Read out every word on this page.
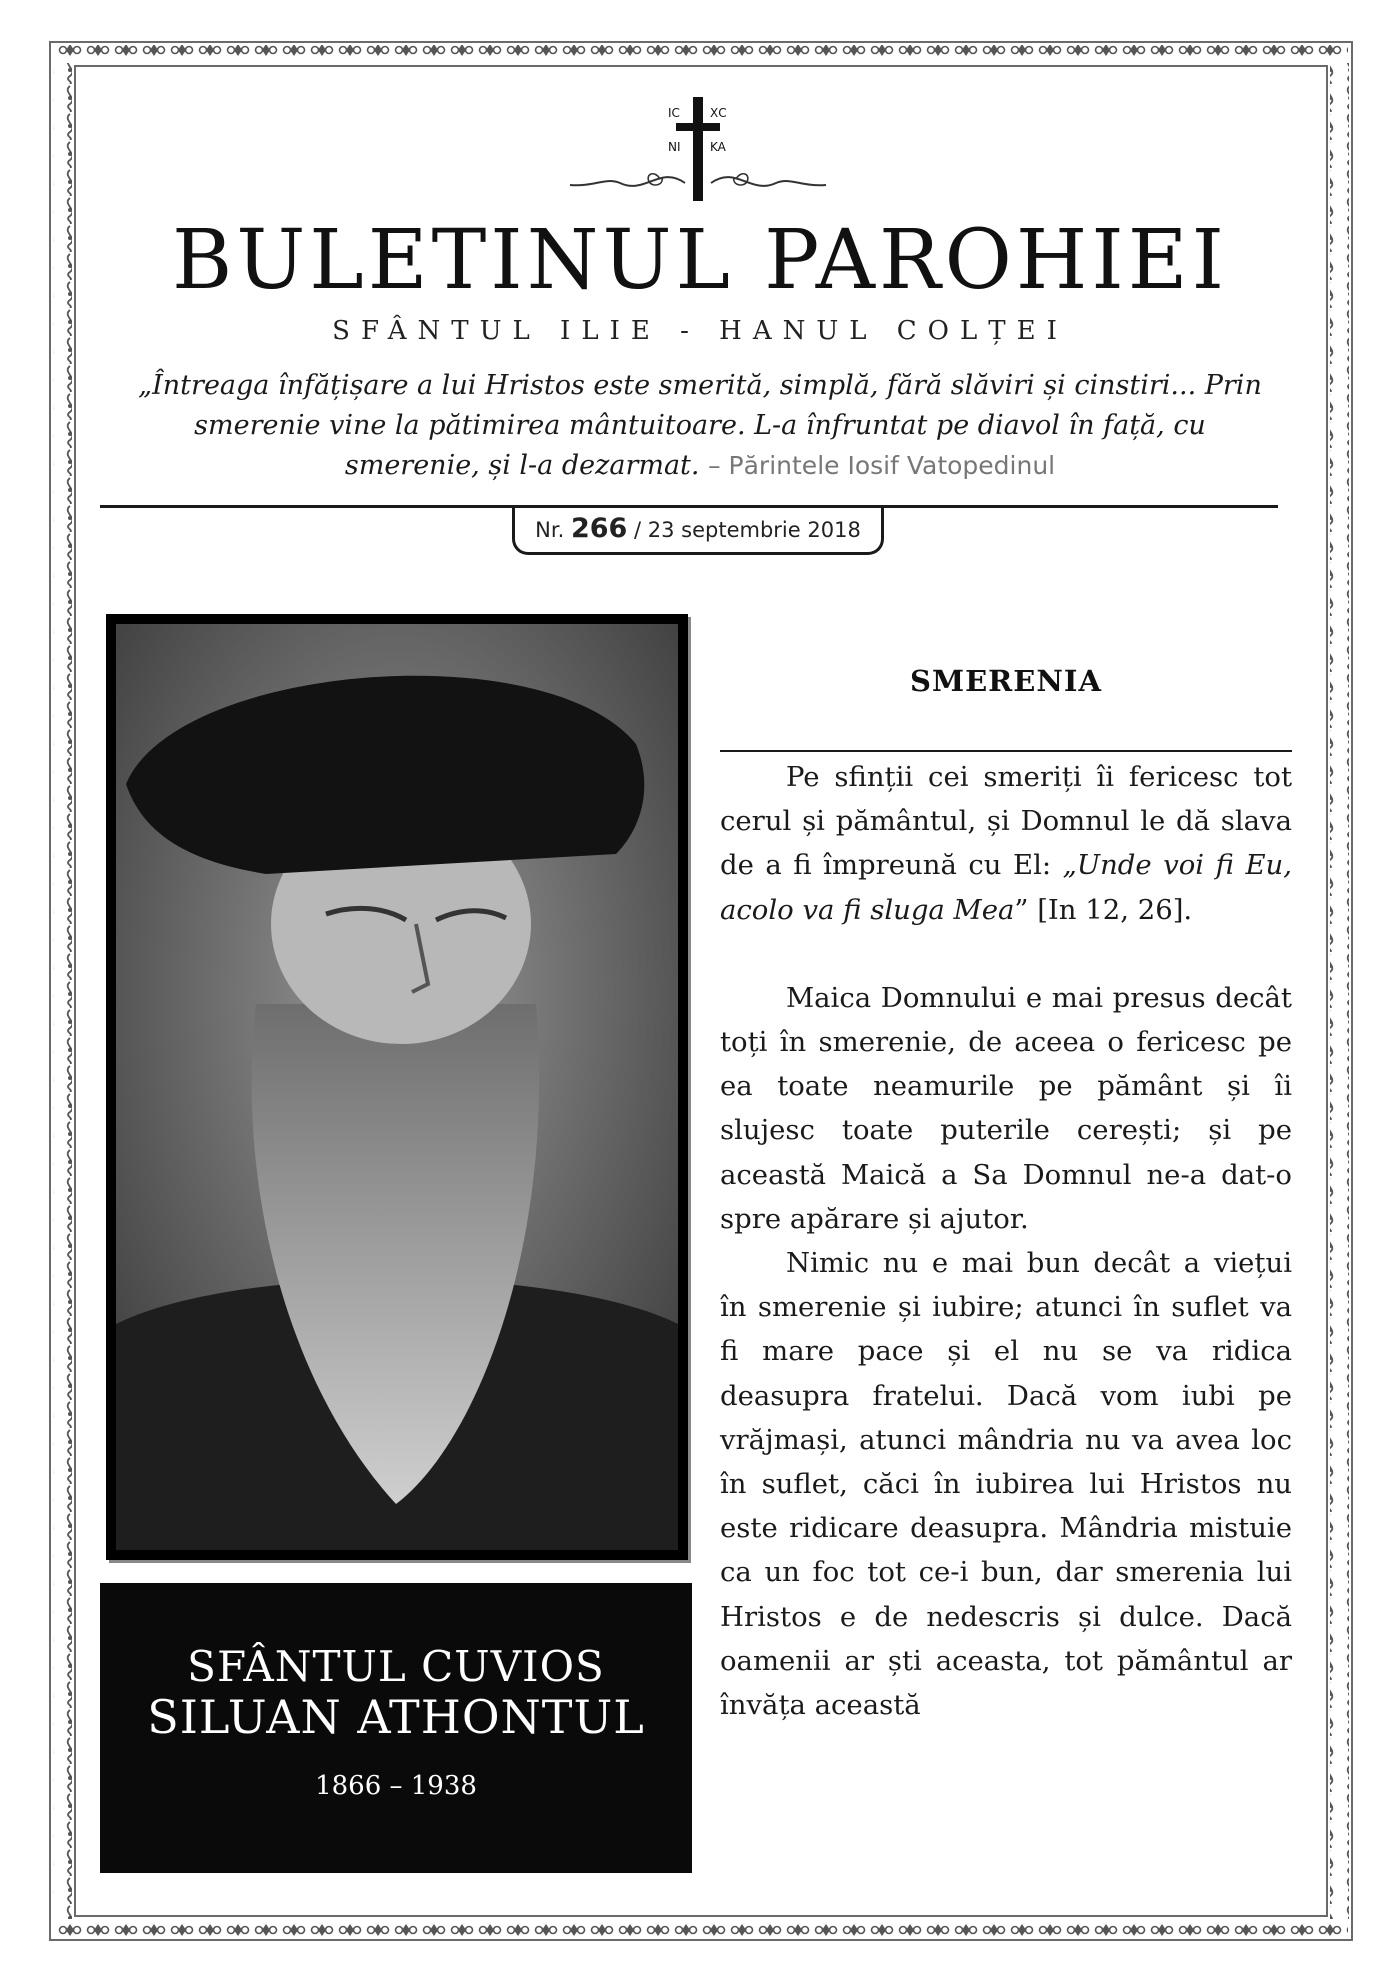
IC	ΧC
NI KA
BULETINUL PAROHIEI
SFÂNTUL ILIE - HANUL COLȚEI
„Întreaga înfățișare a lui Hristos este smerită, simplă, fără slăviri și cinstiri... Prin smerenie vine la pătimirea mântuitoare. L-a înfruntat pe diavol în față, cu smerenie, și l-a dezarmat. – Părintele Iosif Vatopedinul
Nr. 266 / 23 septembrie 2018
SFÂNTUL CUVIOS
SILUAN ATHONTUL
1866 – 1938
SMERENIA

Pe sfinții cei smeriți îi fericesc tot cerul și pământul, și Domnul le dă slava de a fi împreună cu El: „Unde voi fi Eu, acolo va fi sluga Mea” [In 12, 26].

Maica Domnului e mai presus decât toți în smerenie, de aceea o fericesc pe ea toate neamurile pe pământ și îi slujesc toate puterile cerești; și pe această Maică a Sa Domnul ne-a dat-o spre apărare și ajutor.

Nimic nu e mai bun decât a viețui în smerenie și iubire; atunci în suflet va fi mare pace și el nu se va ridica deasupra fratelui. Dacă vom iubi pe vrăjmași, atunci mândria nu va avea loc în suflet, căci în iubirea lui Hristos nu este ridicare deasupra. Mândria mistuie ca un foc tot ce-i bun, dar smerenia lui Hristos e de nedescris și dulce. Dacă oamenii ar ști aceasta, tot pământul ar învăța această
